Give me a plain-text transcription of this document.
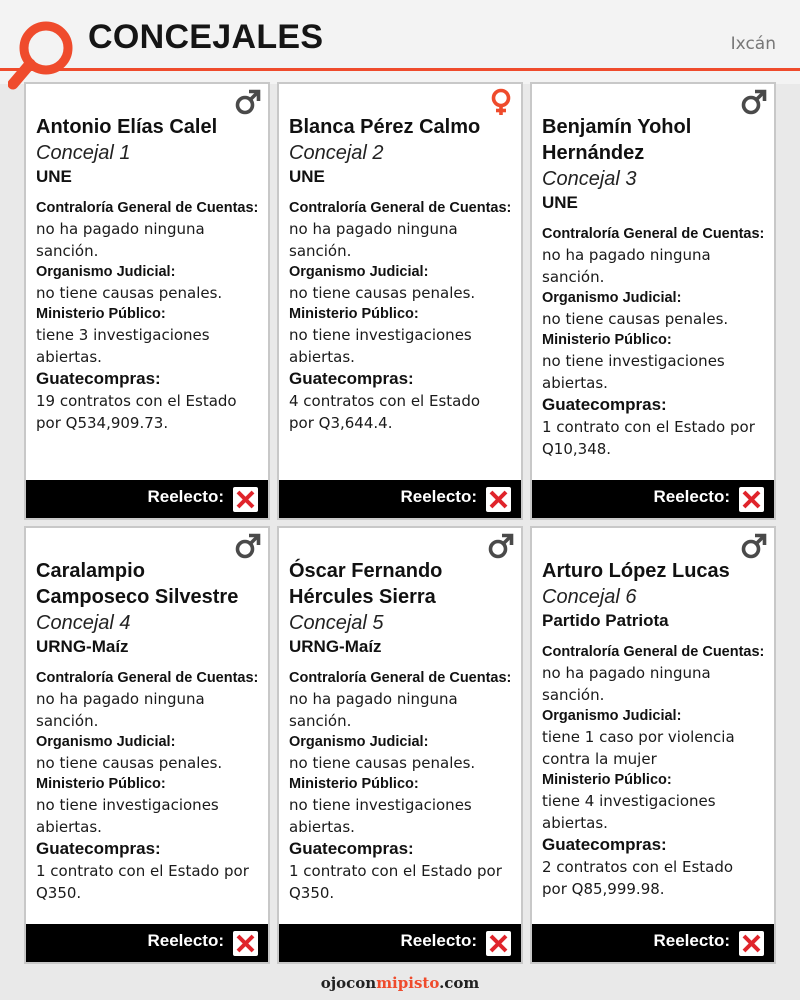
CONCEJALES	Ixcán
Antonio Elías Calel
Concejal 1
UNE
Contraloría General de Cuentas:
no ha pagado ninguna
sanción.
Organismo Judicial:
no tiene causas penales.
Ministerio Público:
tiene 3 investigaciones
abiertas.
Guatecompras:
19 contratos con el Estado
por Q534,909.73.
Reelecto:
Blanca Pérez Calmo
Concejal 2
UNE
Contraloría General de Cuentas:
no ha pagado ninguna
sanción.
Organismo Judicial:
no tiene causas penales.
Ministerio Público:
no tiene investigaciones
abiertas.
Guatecompras:
4 contratos con el Estado
por Q3,644.4.
Reelecto:
Benjamín Yohol
Hernández
Concejal 3
UNE
Contraloría General de Cuentas:
no ha pagado ninguna
sanción.
Organismo Judicial:
no tiene causas penales.
Ministerio Público:
no tiene investigaciones
abiertas.
Guatecompras:
1 contrato con el Estado por
Q10,348.
Reelecto:
Caralampio
Camposeco Silvestre
Concejal 4
URNG-Maíz
Contraloría General de Cuentas:
no ha pagado ninguna
sanción.
Organismo Judicial:
no tiene causas penales.
Ministerio Público:
no tiene investigaciones
abiertas.
Guatecompras:
1 contrato con el Estado por
Q350.
Reelecto:
Óscar Fernando
Hércules Sierra
Concejal 5
URNG-Maíz
Contraloría General de Cuentas:
no ha pagado ninguna
sanción.
Organismo Judicial:
no tiene causas penales.
Ministerio Público:
no tiene investigaciones
abiertas.
Guatecompras:
1 contrato con el Estado por
Q350.
Reelecto:
Arturo López Lucas
Concejal 6
Partido Patriota
Contraloría General de Cuentas:
no ha pagado ninguna
sanción.
Organismo Judicial:
tiene 1 caso por violencia
contra la mujer
Ministerio Público:
tiene 4 investigaciones
abiertas.
Guatecompras:
2 contratos con el Estado
por Q85,999.98.
Reelecto:
ojoconmipisto.com
